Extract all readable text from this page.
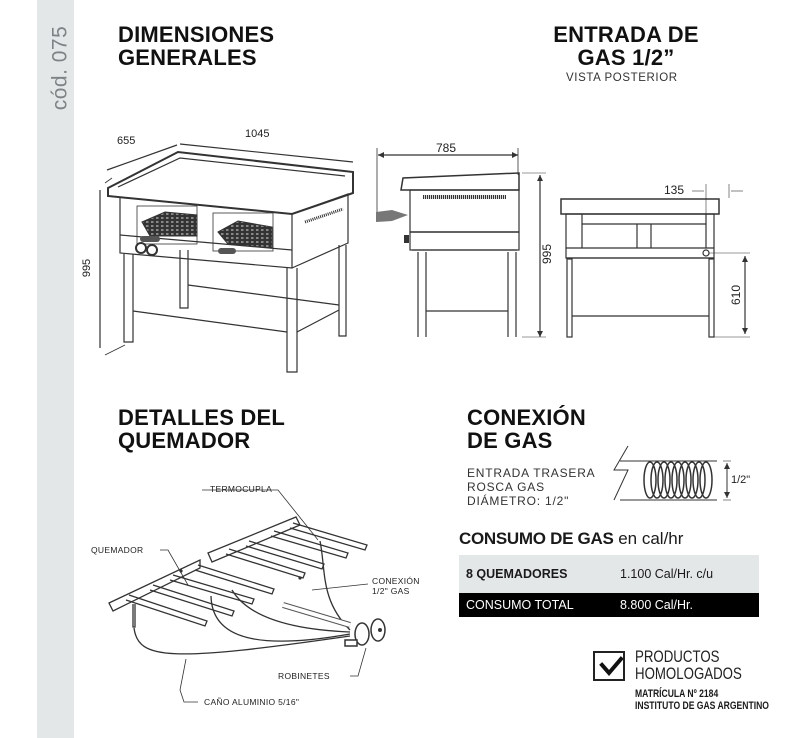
cód. 075 DIMENSIONES
GENERALES
ENTRADA DE
GAS 1/2”
VISTA POSTERIOR
655
1045
995
785
995
135
610
DETALLES DEL
QUEMADOR
TERMOCUPLA
QUEMADOR
CONEXIÓN
1/2" GAS
ROBINETES
CAÑO ALUMINIO 5/16"
CONEXIÓN
DE GAS
ENTRADA TRASERA
ROSCA GAS
DIÁMETRO: 1/2"
1/2"
CONSUMO DE GAS en cal/hr
8 QUEMADORES	1.100 Cal/Hr. c/u
CONSUMO TOTAL	8.800 Cal/Hr.
PRODUCTOS
HOMOLOGADOS
MATRÍCULA Nº 2184
INSTITUTO DE GAS ARGENTINO
